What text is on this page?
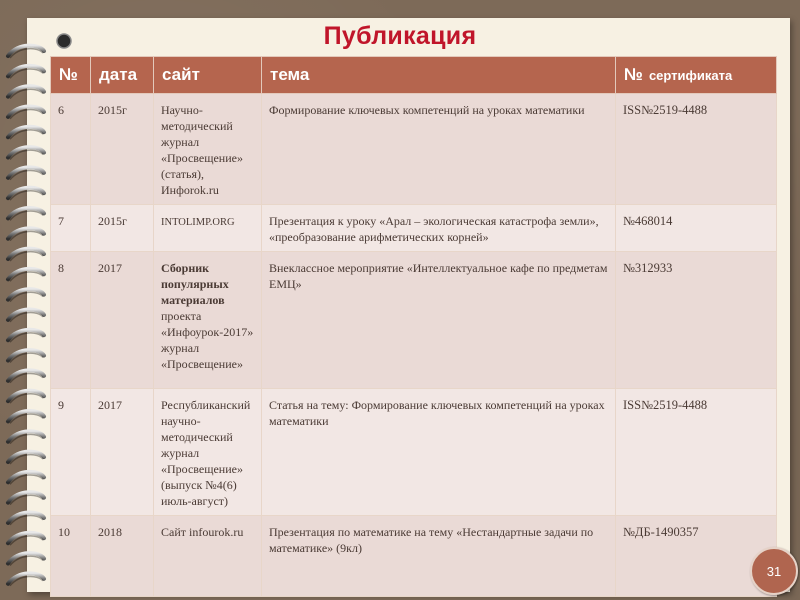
Публикация
№	дата	сайт	тема	№ сертификата
6	2015г	Научно-методический журнал «Просвещение» (статья), Инфorok.ru	Формирование ключевых компетенций на уроках математики	ISS№2519-4488
7	2015г	INTOLIMP.ORG	Презентация к уроку «Арал – экологическая катастрофа земли», «преобразование арифметических корней»	№468014
8	2017	Сборник популярных материалов
проекта «Инфоурок-2017» журнал «Просвещение»	Внеклассное мероприятие «Интеллектуальное кафе по предметам ЕМЦ»	№312933
9	2017	Республиканский научно-методический журнал «Просвещение» (выпуск №4(6) июль-август)	Статья на тему: Формирование ключевых компетенций на уроках математики	ISS№2519-4488
10	2018	Сайт infourok.ru	Презентация по математике на тему «Нестандартные задачи по математике» (9кл)	№ДБ-1490357
31
